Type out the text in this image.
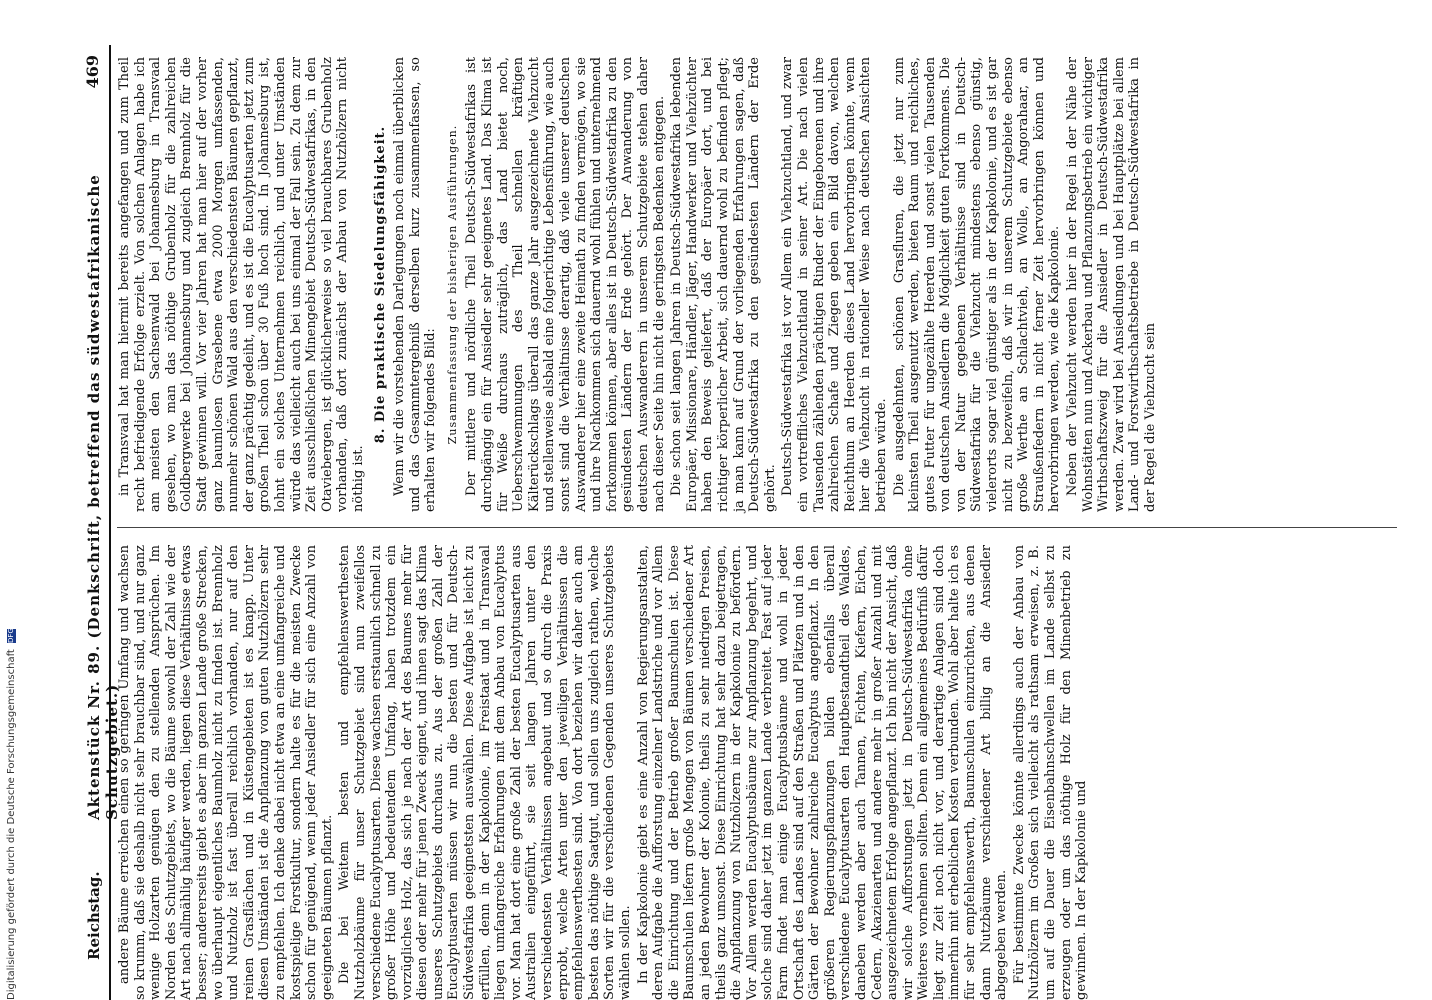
Reichstag.
Aktenstück Nr. 89. (Denkschrift, betreffend das südwestafrikanische Schutzgebiet.)
469

andere Bäume erreichen einen so geringen Umfang und wachsen so krumm, daß sie deshalb nicht sehr brauchbar sind, und nur ganz wenige Holzarten genügen den zu stellenden Ansprüchen. Im Norden des Schutzgebiets, wo die Bäume sowohl der Zahl wie der Art nach allmählig häufiger werden, liegen diese Verhältnisse etwas besser; andererseits giebt es aber im ganzen Lande große Strecken, wo überhaupt eigentliches Baumholz nicht zu finden ist. Brennholz und Nutzholz ist fast überall reichlich vorhanden, nur auf den reinen Grasflächen und in Küstengebieten ist es knapp. Unter diesen Umständen ist die Anpflanzung von guten Nutzhölzern sehr zu empfehlen. Ich denke dabei nicht etwa an eine umfangreiche und kostspielige Forstkultur, sondern halte es für die meisten Zwecke schon für genügend, wenn jeder Ansiedler für sich eine Anzahl von geeigneten Bäumen pflanzt. Die bei Weitem besten und empfehlenswerthesten Nutzholzbäume für unser Schutzgebiet sind nun zweifellos verschiedene Eucalyptusarten. Diese wachsen erstaunlich schnell zu großer Höhe und bedeutendem Umfang, haben trotzdem ein vorzügliches Holz, das sich je nach der Art des Baumes mehr für diesen oder mehr für jenen Zweck eignet, und ihnen sagt das Klima unseres Schutzgebiets durchaus zu. Aus der großen Zahl der Eucalyptusarten müssen wir nun die besten und für Deutsch-Südwestafrika geeignetsten auswählen. Diese Aufgabe ist leicht zu erfüllen, denn in der Kapkolonie, im Freistaat und in Transvaal liegen umfangreiche Erfahrungen mit dem Anbau von Eucalyptus vor. Man hat dort eine große Zahl der besten Eucalyptusarten aus Australien eingeführt, sie seit langen Jahren unter den verschiedensten Verhältnissen angebaut und so durch die Praxis erprobt, welche Arten unter den jeweiligen Verhältnissen die empfehlenswerthesten sind. Von dort beziehen wir daher auch am besten das nöthige Saatgut, und sollen uns zugleich rathen, welche Sorten wir für die verschiedenen Gegenden unseres Schutzgebiets wählen sollen. In der Kapkolonie giebt es eine Anzahl von Regierungsanstalten, deren Aufgabe die Aufforstung einzelner Landstriche und vor Allem die Einrichtung und der Betrieb großer Baumschulen ist. Diese Baumschulen liefern große Mengen von Bäumen verschiedener Art an jeden Bewohner der Kolonie, theils zu sehr niedrigen Preisen, theils ganz umsonst. Diese Einrichtung hat sehr dazu beigetragen, die Anpflanzung von Nutzhölzern in der Kapkolonie zu befördern. Vor Allem werden Eucalyptusbäume zur Anpflanzung begehrt, und solche sind daher jetzt im ganzen Lande verbreitet. Fast auf jeder Farm findet man einige Eucalyptusbäume und wohl in jeder Ortschaft des Landes sind auf den Straßen und Plätzen und in den Gärten der Bewohner zahlreiche Eucalyptus angepflanzt. In den größeren Regierungspflanzungen bilden ebenfalls überall verschiedene Eucalyptusarten den Hauptbestandtheil des Waldes, daneben werden aber auch Tannen, Fichten, Kiefern, Eichen, Cedern, Akazienarten und andere mehr in großer Anzahl und mit ausgezeichnetem Erfolge angepflanzt. Ich bin nicht der Ansicht, daß wir solche Aufforstungen jetzt in Deutsch-Südwestafrika ohne Weiteres vornehmen sollten. Denn ein allgemeines Bedürfniß dafür liegt zur Zeit noch nicht vor, und derartige Anlagen sind doch immerhin mit erheblichen Kosten verbunden. Wohl aber halte ich es für sehr empfehlenswerth, Baumschulen einzurichten, aus denen dann Nutzbäume verschiedener Art billig an die Ansiedler abgegeben werden. Für bestimmte Zwecke könnte allerdings auch der Anbau von Nutzhölzern im Großen sich vielleicht als rathsam erweisen, z. B. um auf die Dauer die Eisenbahnschwellen im Lande selbst zu erzeugen oder um das nöthige Holz für den Minenbetrieb zu gewinnen. In der Kapkolonie und

in Transvaal hat man hiermit bereits angefangen und zum Theil recht befriedigende Erfolge erzielt. Von solchen Anlagen habe ich am meisten den Sachsenwald bei Johannesburg in Transvaal gesehen, wo man das nöthige Grubenholz für die zahlreichen Goldbergwerke bei Johannesburg und zugleich Brennholz für die Stadt gewinnen will. Vor vier Jahren hat man hier auf der vorher ganz baumlosen Grasebene etwa 2000 Morgen umfassenden, nunmehr schönen Wald aus den verschiedensten Bäumen gepflanzt, der ganz prächtig gedeiht, und es ist die Eucalyptusarten jetzt zum großen Theil schon über 30 Fuß hoch sind. In Johannesburg ist, lohnt ein solches Unternehmen reichlich, und unter Umständen würde das vielleicht auch bei uns einmal der Fall sein. Zu dem zur Zeit ausschließlichen Minengebiet Deutsch-Südwestafrikas, in den Otaviebergen, ist glücklicherweise so viel brauchbares Grubenholz vorhanden, daß dort zunächst der Anbau von Nutzhölzern nicht nöthig ist.

8. Die praktische Siedelungsfähigkeit. Wenn wir die vorstehenden Darlegungen noch einmal überblicken und das Gesammtergebniß derselben kurz zusammenfassen, so erhalten wir folgendes Bild: Zusammenfassung der bisherigen Ausführungen. Der mittlere und nördliche Theil Deutsch-Südwestafrikas ist durchgängig ein für Ansiedler sehr geeignetes Land. Das Klima ist für Weiße durchaus zuträglich, das Land bietet noch, Ueberschwemmungen des Theil schnellen kräftigen Kälterückschlags überall das ganze Jahr ausgezeichnete Viehzucht und stellenweise alsbald eine folgerichtige Lebensführung, wie auch sonst sind die Verhältnisse derartig, daß viele unserer deutschen Auswanderer hier eine zweite Heimath zu finden vermögen, wo sie und ihre Nachkommen sich dauernd wohl fühlen und unternehmend fortkommen können, aber alles ist in Deutsch-Südwestafrika zu den gesündesten Ländern der Erde gehört. Der Anwanderung von deutschen Auswanderern in unserem Schutzgebiete stehen daher nach dieser Seite hin nicht die geringsten Bedenken entgegen. Die schon seit langen Jahren in Deutsch-Südwestafrika lebenden Europäer, Missionare, Händler, Jäger, Handwerker und Viehzüchter haben den Beweis geliefert, daß der Europäer dort, und bei richtiger körperlicher Arbeit, sich dauernd wohl zu befinden pflegt; ja man kann auf Grund der vorliegenden Erfahrungen sagen, daß Deutsch-Südwestafrika zu den gesündesten Ländern der Erde gehört. Deutsch-Südwestafrika ist vor Allem ein Viehzuchtland, und zwar ein vortreffliches Viehzuchtland in seiner Art. Die nach vielen Tausenden zählenden prächtigen Rinder der Eingeborenen und ihre zahlreichen Schafe und Ziegen geben ein Bild davon, welchen Reichthum an Heerden dieses Land hervorbringen könnte, wenn hier die Viehzucht in rationeller Weise nach deutschen Ansichten betrieben würde. Die ausgedehnten, schönen Grasfluren, die jetzt nur zum kleinsten Theil ausgenutzt werden, bieten Raum und reichliches, gutes Futter für ungezählte Heerden und sonst vielen Tausenden von deutschen Ansiedlern die Möglichkeit guten Fortkommens. Die von der Natur gegebenen Verhältnisse sind in Deutsch-Südwestafrika für die Viehzucht mindestens ebenso günstig, vielerorts sogar viel günstiger als in der Kapkolonie, und es ist gar nicht zu bezweifeln, daß wir in unserem Schutzgebiete ebenso große Werthe an Schlachtvieh, an Wolle, an Angorahaar, an Straußenfedern in nicht ferner Zeit hervorbringen können und hervorbringen werden, wie die Kapkolonie. Neben der Viehzucht werden hier in der Regel in der Nähe der Wohnstätten nun und Ackerbau und Pflanzungsbetrieb ein wichtiger Wirthschaftszweig für die Ansiedler in Deutsch-Südwestafrika werden. Zwar wird bei Ansiedlungen und bei Hauptplätze bei allem Land- und Forstwirthschaftsbetriebe in Deutsch-Südwestafrika in der Regel die Viehzucht sein

Digitalisierung gefördert durch die Deutsche Forschungsgemeinschaft DFG
